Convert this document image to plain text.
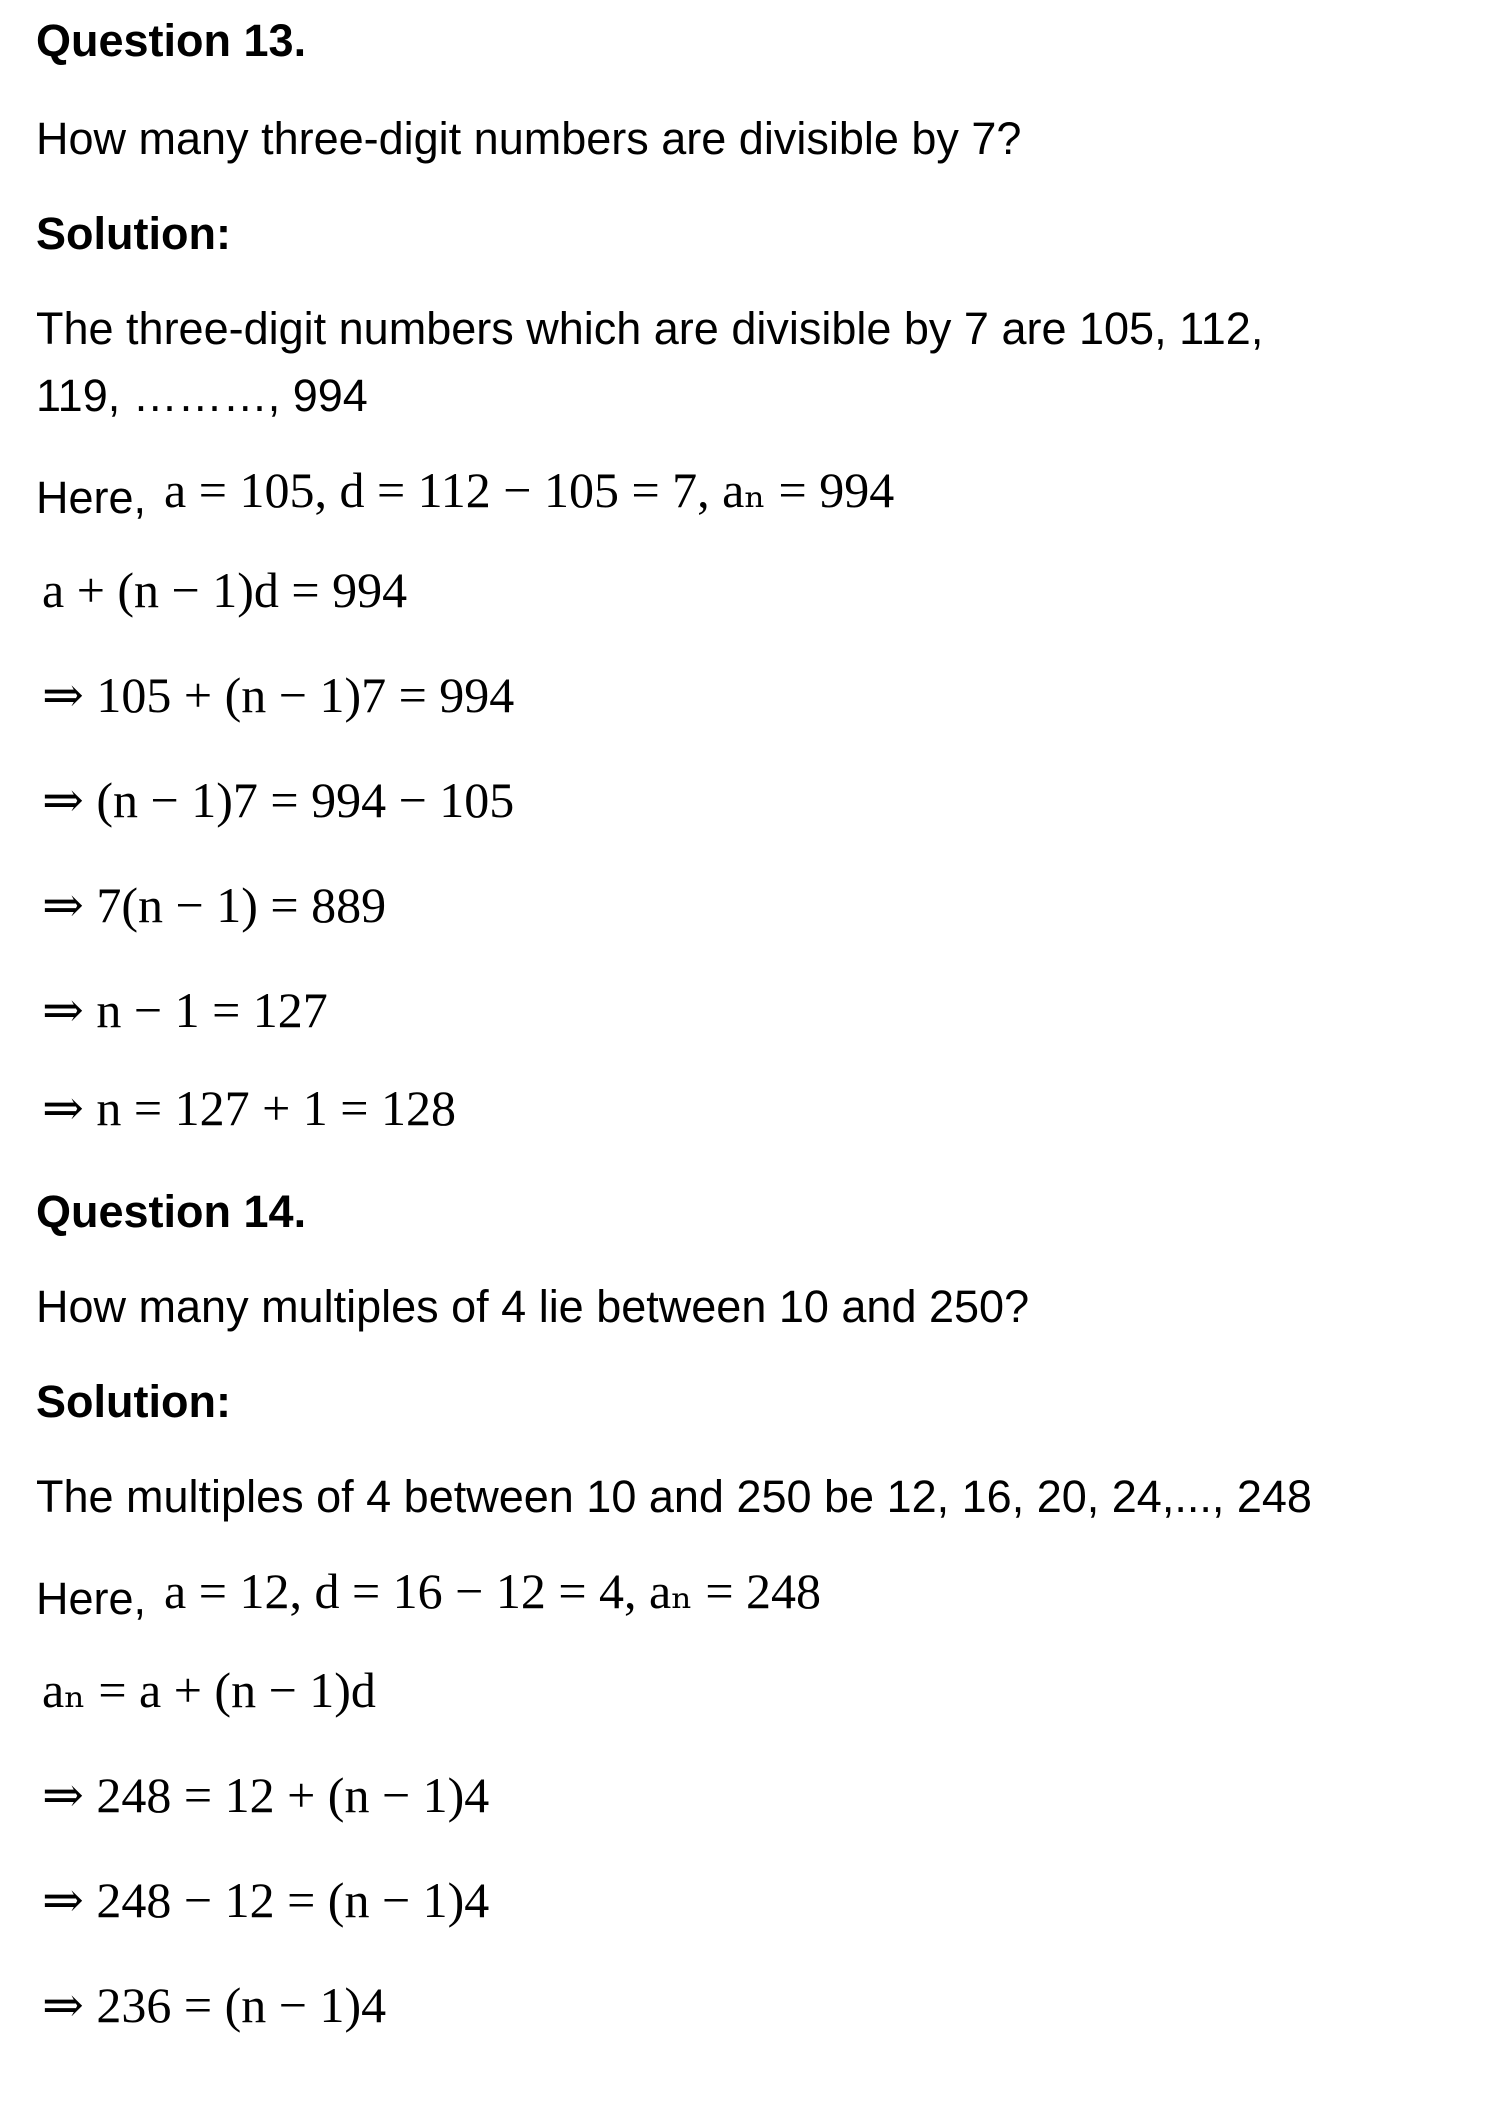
Question 13.
How many three-digit numbers are divisible by 7?
Solution:
The three-digit numbers which are divisible by 7 are 105, 112,
119, ………, 994
Here, a = 105, d = 112 − 105 = 7, aₙ = 994
a + (n − 1)d = 994
⇒ 105 + (n − 1)7 = 994
⇒ (n − 1)7 = 994 − 105
⇒ 7(n − 1) = 889
⇒ n − 1 = 127
⇒ n = 127 + 1 = 128
Question 14.
How many multiples of 4 lie between 10 and 250?
Solution:
The multiples of 4 between 10 and 250 be 12, 16, 20, 24,..., 248
Here, a = 12, d = 16 − 12 = 4, aₙ = 248
aₙ = a + (n − 1)d
⇒ 248 = 12 + (n − 1)4
⇒ 248 − 12 = (n − 1)4
⇒ 236 = (n − 1)4
